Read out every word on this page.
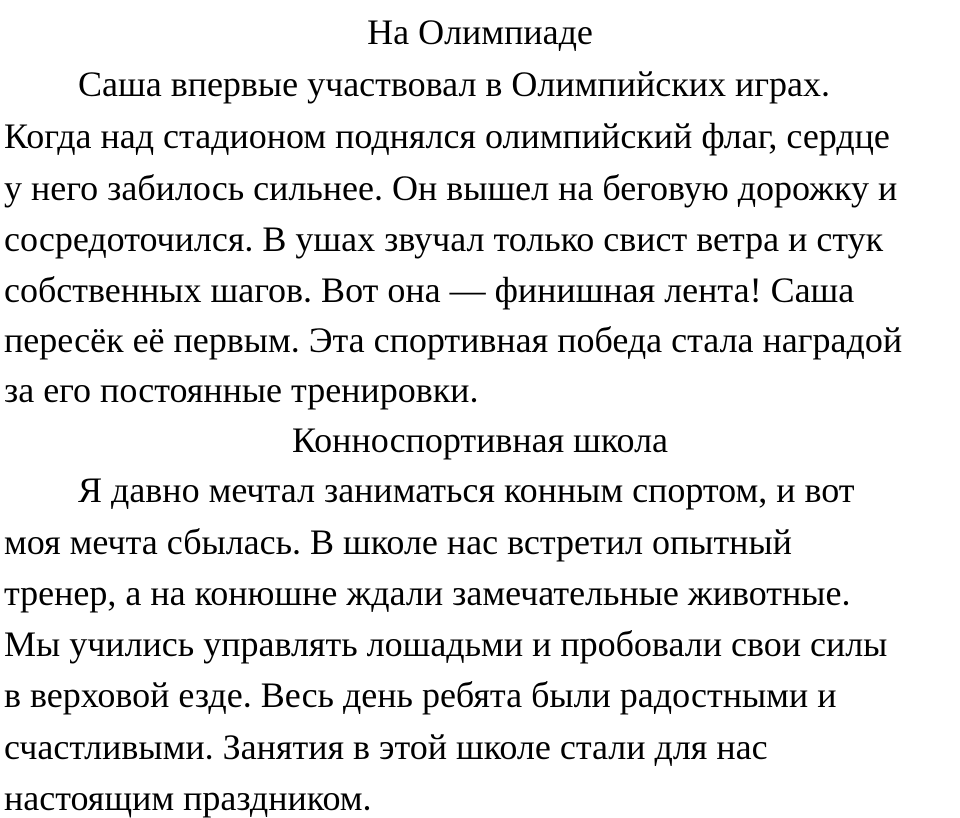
На Олимпиаде
Саша впервые участвовал в Олимпийских играх.
Когда над стадионом поднялся олимпийский флаг, сердце
у него забилось сильнее. Он вышел на беговую дорожку и
сосредоточился. В ушах звучал только свист ветра и стук
собственных шагов. Вот она — финишная лента! Саша
пересёк её первым. Эта спортивная победа стала наградой
за его постоянные тренировки.
Конноспортивная школа
Я давно мечтал заниматься конным спортом, и вот
моя мечта сбылась. В школе нас встретил опытный
тренер, а на конюшне ждали замечательные животные.
Мы учились управлять лошадьми и пробовали свои силы
в верховой езде. Весь день ребята были радостными и
счастливыми. Занятия в этой школе стали для нас
настоящим праздником.
